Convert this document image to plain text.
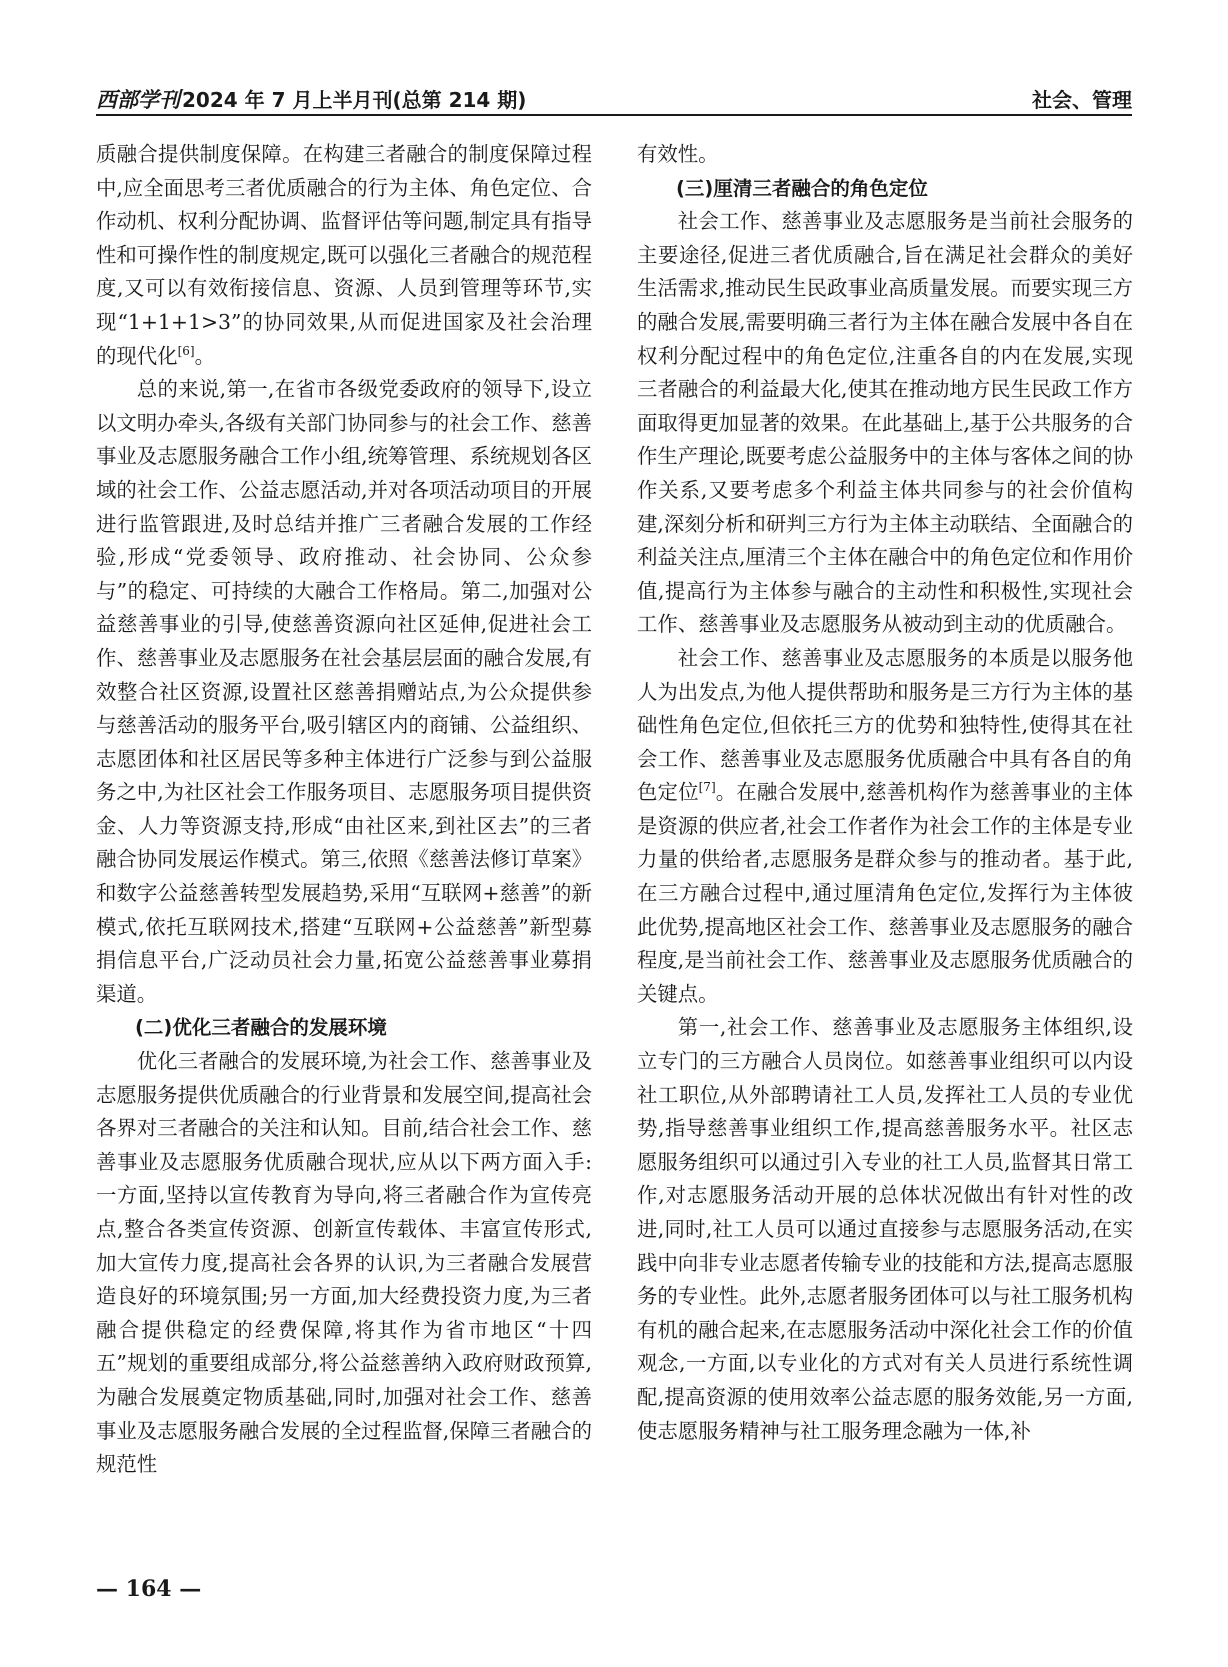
西部学刊 2024 年 7 月上半月刊(总第 214 期)	社会、管理

质融合提供制度保障。在构建三者融合的制度保障过程中,应全面思考三者优质融合的行为主体、角色定位、合作动机、权利分配协调、监督评估等问题,制定具有指导性和可操作性的制度规定,既可以强化三者融合的规范程度,又可以有效衔接信息、资源、人员到管理等环节,实现“1+1+1>3”的协同效果,从而促进国家及社会治理的现代化[6]。

总的来说,第一,在省市各级党委政府的领导下,设立以文明办牵头,各级有关部门协同参与的社会工作、慈善事业及志愿服务融合工作小组,统筹管理、系统规划各区域的社会工作、公益志愿活动,并对各项活动项目的开展进行监管跟进,及时总结并推广三者融合发展的工作经验,形成“党委领导、政府推动、社会协同、公众参与”的稳定、可持续的大融合工作格局。第二,加强对公益慈善事业的引导,使慈善资源向社区延伸,促进社会工作、慈善事业及志愿服务在社会基层层面的融合发展,有效整合社区资源,设置社区慈善捐赠站点,为公众提供参与慈善活动的服务平台,吸引辖区内的商铺、公益组织、志愿团体和社区居民等多种主体进行广泛参与到公益服务之中,为社区社会工作服务项目、志愿服务项目提供资金、人力等资源支持,形成“由社区来,到社区去”的三者融合协同发展运作模式。第三,依照《慈善法修订草案》和数字公益慈善转型发展趋势,采用“互联网+慈善”的新模式,依托互联网技术,搭建“互联网+公益慈善”新型募捐信息平台,广泛动员社会力量,拓宽公益慈善事业募捐渠道。

(二)优化三者融合的发展环境

优化三者融合的发展环境,为社会工作、慈善事业及志愿服务提供优质融合的行业背景和发展空间,提高社会各界对三者融合的关注和认知。目前,结合社会工作、慈善事业及志愿服务优质融合现状,应从以下两方面入手:一方面,坚持以宣传教育为导向,将三者融合作为宣传亮点,整合各类宣传资源、创新宣传载体、丰富宣传形式,加大宣传力度,提高社会各界的认识,为三者融合发展营造良好的环境氛围;另一方面,加大经费投资力度,为三者融合提供稳定的经费保障,将其作为省市地区“十四五”规划的重要组成部分,将公益慈善纳入政府财政预算,为融合发展奠定物质基础,同时,加强对社会工作、慈善事业及志愿服务融合发展的全过程监督,保障三者融合的规范性

有效性。

(三)厘清三者融合的角色定位

社会工作、慈善事业及志愿服务是当前社会服务的主要途径,促进三者优质融合,旨在满足社会群众的美好生活需求,推动民生民政事业高质量发展。而要实现三方的融合发展,需要明确三者行为主体在融合发展中各自在权利分配过程中的角色定位,注重各自的内在发展,实现三者融合的利益最大化,使其在推动地方民生民政工作方面取得更加显著的效果。在此基础上,基于公共服务的合作生产理论,既要考虑公益服务中的主体与客体之间的协作关系,又要考虑多个利益主体共同参与的社会价值构建,深刻分析和研判三方行为主体主动联结、全面融合的利益关注点,厘清三个主体在融合中的角色定位和作用价值,提高行为主体参与融合的主动性和积极性,实现社会工作、慈善事业及志愿服务从被动到主动的优质融合。

社会工作、慈善事业及志愿服务的本质是以服务他人为出发点,为他人提供帮助和服务是三方行为主体的基础性角色定位,但依托三方的优势和独特性,使得其在社会工作、慈善事业及志愿服务优质融合中具有各自的角色定位[7]。在融合发展中,慈善机构作为慈善事业的主体是资源的供应者,社会工作者作为社会工作的主体是专业力量的供给者,志愿服务是群众参与的推动者。基于此,在三方融合过程中,通过厘清角色定位,发挥行为主体彼此优势,提高地区社会工作、慈善事业及志愿服务的融合程度,是当前社会工作、慈善事业及志愿服务优质融合的关键点。

第一,社会工作、慈善事业及志愿服务主体组织,设立专门的三方融合人员岗位。如慈善事业组织可以内设社工职位,从外部聘请社工人员,发挥社工人员的专业优势,指导慈善事业组织工作,提高慈善服务水平。社区志愿服务组织可以通过引入专业的社工人员,监督其日常工作,对志愿服务活动开展的总体状况做出有针对性的改进,同时,社工人员可以通过直接参与志愿服务活动,在实践中向非专业志愿者传输专业的技能和方法,提高志愿服务的专业性。此外,志愿者服务团体可以与社工服务机构有机的融合起来,在志愿服务活动中深化社会工作的价值观念,一方面,以专业化的方式对有关人员进行系统性调配,提高资源的使用效率公益志愿的服务效能,另一方面,使志愿服务精神与社工服务理念融为一体,补

— 164 —
